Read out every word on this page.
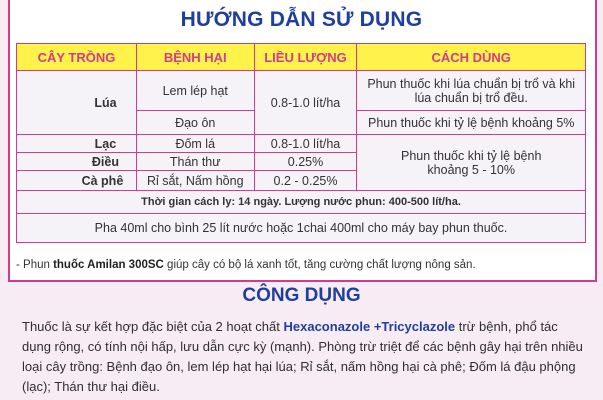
HƯỚNG DẪN SỬ DỤNG
CÂY TRỒNG	BỆNH HẠI	LIỀU LƯỢNG	CÁCH DÙNG
Lúa	Lem lép hạt	0.8-1.0 lít/ha	Phun thuốc khi lúa chuẩn bị trổ và khi lúa chuẩn bị trổ đều.
	Đạo ôn		Phun thuốc khi tỷ lệ bệnh khoảng 5%
Lạc	Đốm lá	0.8-1.0 lít/ha	Phun thuốc khi tỷ lệ bệnh khoảng 5 - 10%
Điều	Thán thư	0.25%	
Cà phê	Rỉ sắt, Nấm hồng	0.2 - 0.25%	
Thời gian cách ly: 14 ngày. Lượng nước phun: 400-500 lít/ha.			
Pha 40ml cho bình 25 lít nước hoặc 1chai 400ml cho máy bay phun thuốc.			
- Phun thuốc Amilan 300SC giúp cây có bộ lá xanh tốt, tăng cường chất lượng nông sản.
CÔNG DỤNG
Thuốc là sự kết hợp đặc biệt của 2 hoạt chất Hexaconazole +Tricyclazole trừ bệnh, phổ tác dụng rộng, có tính nội hấp, lưu dẫn cực kỳ (mạnh). Phòng trừ triệt để các bệnh gây hại trên nhiều loại cây trồng: Bệnh đạo ôn, lem lép hạt hại lúa; Rỉ sắt, nấm hồng hại cà phê; Đốm lá đậu phộng (lạc); Thán thư hại điều.
